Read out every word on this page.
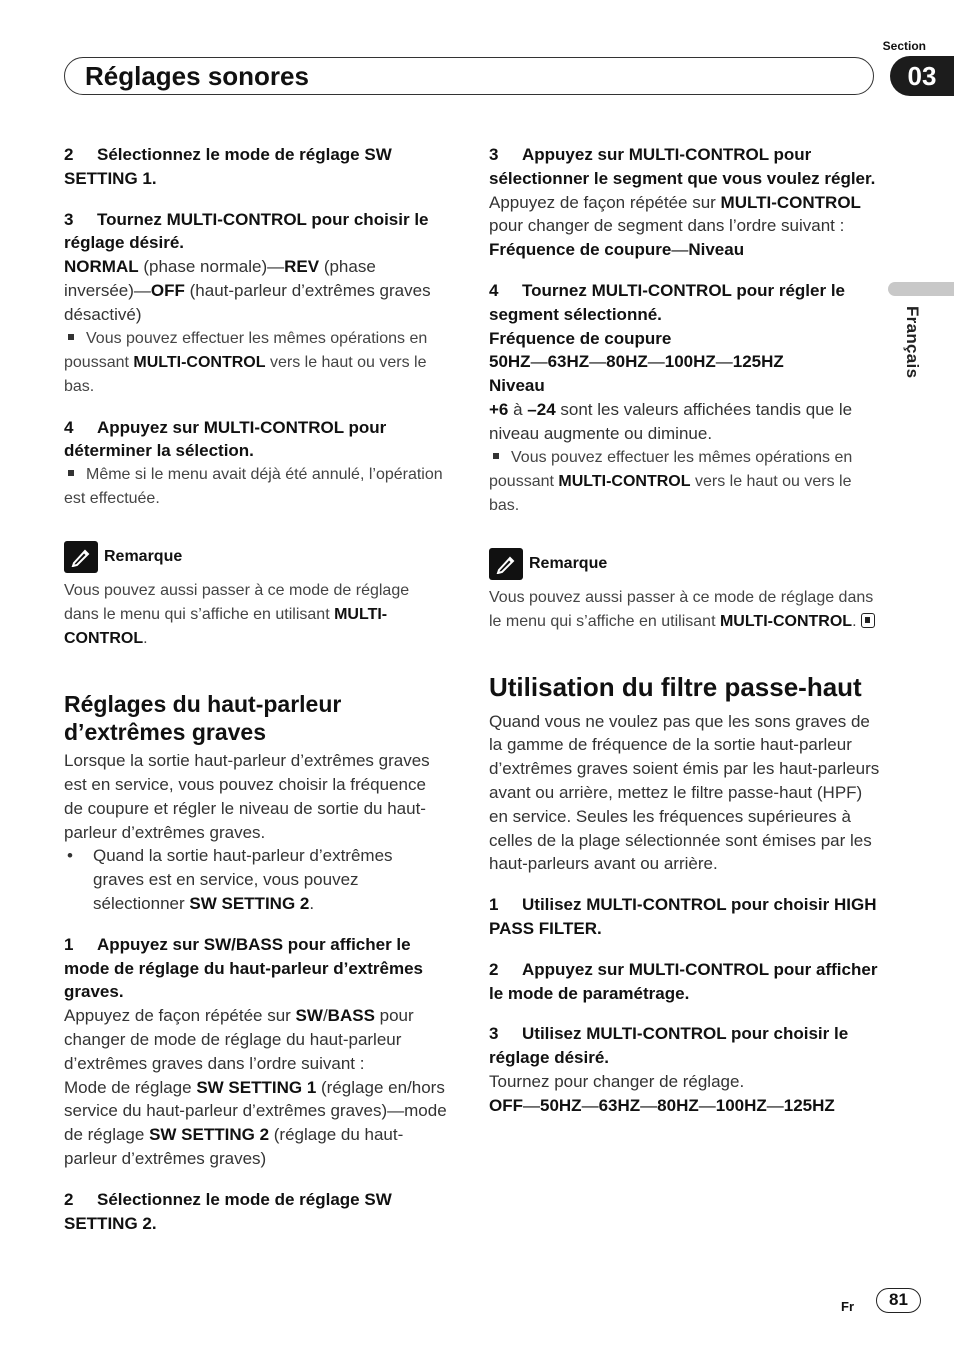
Section
Réglages sonores	03
Français
2 Sélectionnez le mode de réglage SW SETTING 1.
3 Tournez MULTI-CONTROL pour choisir le réglage désiré.
NORMAL (phase normale)—REV (phase inversée)—OFF (haut-parleur d’extrêmes graves désactivé)
Vous pouvez effectuer les mêmes opérations en poussant MULTI-CONTROL vers le haut ou vers le bas.
4 Appuyez sur MULTI-CONTROL pour déterminer la sélection.
Même si le menu avait déjà été annulé, l’opération est effectuée.
Remarque
Vous pouvez aussi passer à ce mode de réglage dans le menu qui s’affiche en utilisant MULTI-CONTROL.
Réglages du haut-parleur d’extrêmes graves
Lorsque la sortie haut-parleur d’extrêmes graves est en service, vous pouvez choisir la fréquence de coupure et régler le niveau de sortie du haut-parleur d’extrêmes graves.
•	Quand la sortie haut-parleur d’extrêmes graves est en service, vous pouvez sélectionner SW SETTING 2.
1 Appuyez sur SW/BASS pour afficher le mode de réglage du haut-parleur d’extrêmes graves.
Appuyez de façon répétée sur SW/BASS pour changer de mode de réglage du haut-parleur d’extrêmes graves dans l’ordre suivant :
Mode de réglage SW SETTING 1 (réglage en/hors service du haut-parleur d’extrêmes graves)—mode de réglage SW SETTING 2 (réglage du haut-parleur d’extrêmes graves)
2 Sélectionnez le mode de réglage SW SETTING 2.
3 Appuyez sur MULTI-CONTROL pour sélectionner le segment que vous voulez régler.
Appuyez de façon répétée sur MULTI-CONTROL pour changer de segment dans l’ordre suivant :
Fréquence de coupure—Niveau
4 Tournez MULTI-CONTROL pour régler le segment sélectionné.
Fréquence de coupure
50HZ—63HZ—80HZ—100HZ—125HZ
Niveau
+6 à –24 sont les valeurs affichées tandis que le niveau augmente ou diminue.
Vous pouvez effectuer les mêmes opérations en poussant MULTI-CONTROL vers le haut ou vers le bas.
Remarque
Vous pouvez aussi passer à ce mode de réglage dans le menu qui s’affiche en utilisant MULTI-CONTROL.
Utilisation du filtre passe-haut
Quand vous ne voulez pas que les sons graves de la gamme de fréquence de la sortie haut-parleur d’extrêmes graves soient émis par les haut-parleurs avant ou arrière, mettez le filtre passe-haut (HPF) en service. Seules les fréquences supérieures à celles de la plage sélectionnée sont émises par les haut-parleurs avant ou arrière.
1 Utilisez MULTI-CONTROL pour choisir HIGH PASS FILTER.
2 Appuyez sur MULTI-CONTROL pour afficher le mode de paramétrage.
3 Utilisez MULTI-CONTROL pour choisir le réglage désiré.
Tournez pour changer de réglage.
OFF—50HZ—63HZ—80HZ—100HZ—125HZ
Fr	81
